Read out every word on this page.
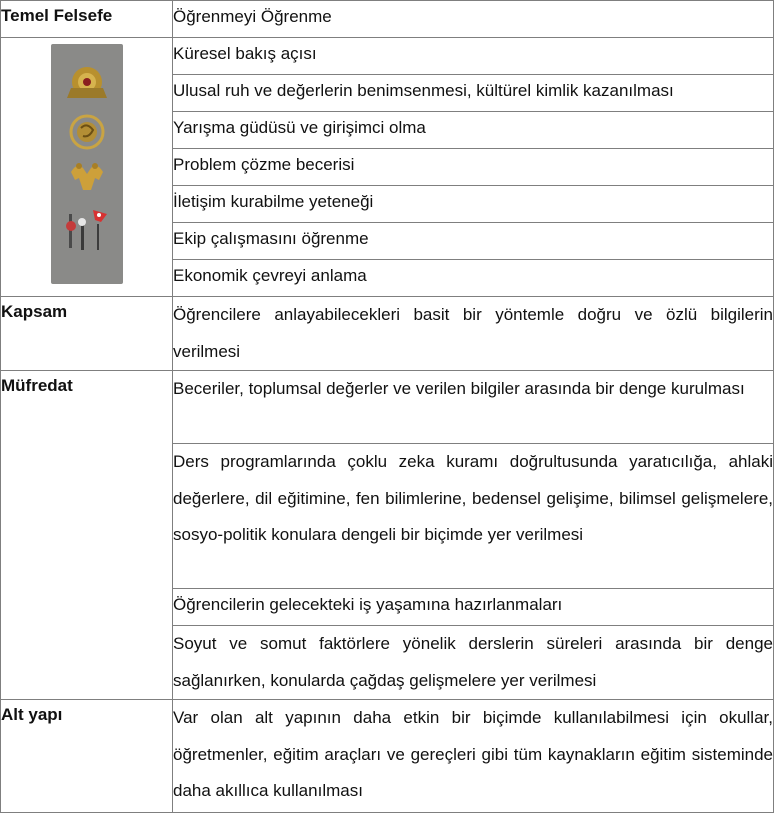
Temel Felsefe	Öğrenmeyi Öğrenme

	Küresel bakış açısı
	Ulusal ruh ve değerlerin benimsenmesi, kültürel kimlik kazanılması
	Yarışma güdüsü ve girişimci olma
	Problem çözme becerisi
	İletişim kurabilme yeteneği
	Ekip çalışmasını öğrenme
	Ekonomik çevreyi anlama
Kapsam	Öğrencilere anlayabilecekleri basit bir yöntemle doğru ve özlü bilgilerin verilmesi
Müfredat	Beceriler, toplumsal değerler ve verilen bilgiler arasında bir denge kurulması
	Ders programlarında çoklu zeka kuramı doğrultusunda yaratıcılığa, ahlaki değerlere, dil eğitimine, fen bilimlerine, bedensel gelişime, bilimsel gelişmelere, sosyo-politik konulara dengeli bir biçimde yer verilmesi
	Öğrencilerin gelecekteki iş yaşamına hazırlanmaları
	Soyut ve somut faktörlere yönelik derslerin süreleri arasında bir denge sağlanırken, konularda çağdaş gelişmelere yer verilmesi
Alt yapı	Var olan alt yapının daha etkin bir biçimde kullanılabilmesi için okullar, öğretmenler, eğitim araçları ve gereçleri gibi tüm kaynakların eğitim sisteminde daha akıllıca kullanılması
